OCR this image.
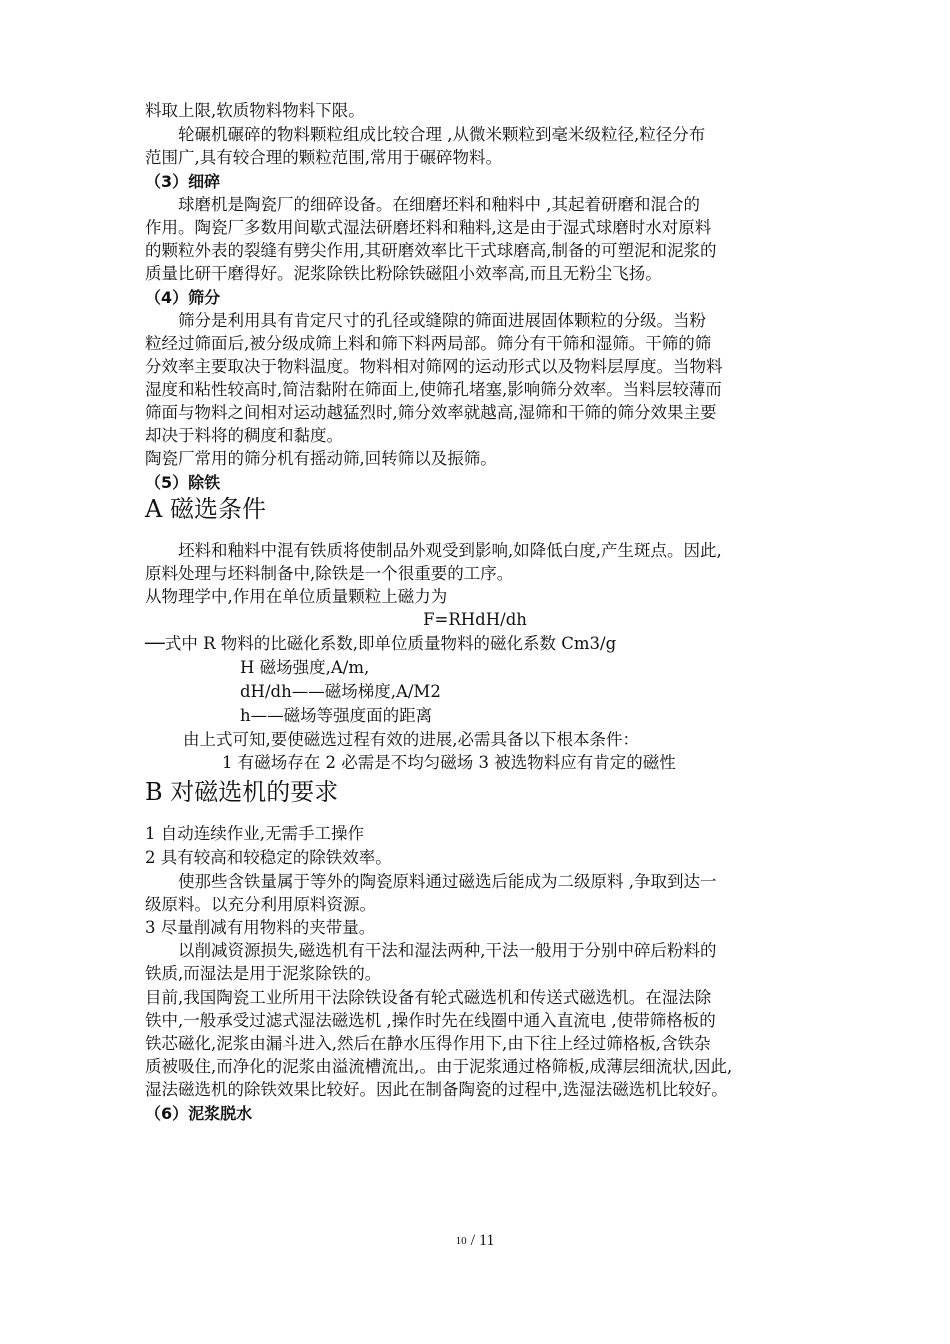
料取上限,软质物料物料下限。
　　轮碾机碾碎的物料颗粒组成比较合理 ,从微米颗粒到毫米级粒径,粒径分布
范围广,具有较合理的颗粒范围,常用于碾碎物料。
（3）细碎
　　球磨机是陶瓷厂的细碎设备。在细磨坯料和釉料中 ,其起着研磨和混合的
作用。陶瓷厂多数用间歇式湿法研磨坯料和釉料,这是由于湿式球磨时水对原料
的颗粒外表的裂缝有劈尖作用,其研磨效率比干式球磨高,制备的可塑泥和泥浆的
质量比研干磨得好。泥浆除铁比粉除铁磁阻小效率高,而且无粉尘飞扬。
（4）筛分
　　筛分是利用具有肯定尺寸的孔径或缝隙的筛面进展固体颗粒的分级。当粉
粒经过筛面后,被分级成筛上料和筛下料两局部。筛分有干筛和湿筛。干筛的筛
分效率主要取决于物料温度。物料相对筛网的运动形式以及物料层厚度。当物料
湿度和粘性较高时,简洁黏附在筛面上,使筛孔堵塞,影响筛分效率。当料层较薄而
筛面与物料之间相对运动越猛烈时,筛分效率就越高,湿筛和干筛的筛分效果主要
却决于料将的稠度和黏度。
陶瓷厂常用的筛分机有摇动筛,回转筛以及振筛。
（5）除铁
A 磁选条件
　　坯料和釉料中混有铁质将使制品外观受到影响,如降低白度,产生斑点。因此,
原料处理与坯料制备中,除铁是一个很重要的工序。
从物理学中,作用在单位质量颗粒上磁力为
F=RHdH/dh
──式中 R 物料的比磁化系数,即单位质量物料的磁化系数 Cm3/g
H 磁场强度,A/m,
dH/dh——磁场梯度,A/M2
h——磁场等强度面的距离
由上式可知,要使磁选过程有效的进展,必需具备以下根本条件：
1 有磁场存在 2 必需是不均匀磁场 3 被选物料应有肯定的磁性
B 对磁选机的要求
1 自动连续作业,无需手工操作
2 具有较高和较稳定的除铁效率。
　　使那些含铁量属于等外的陶瓷原料通过磁选后能成为二级原料 ,争取到达一
级原料。以充分利用原料资源。
3 尽量削减有用物料的夹带量。
　　以削减资源损失,磁选机有干法和湿法两种,干法一般用于分别中碎后粉料的
铁质,而湿法是用于泥浆除铁的。
目前,我国陶瓷工业所用干法除铁设备有轮式磁选机和传送式磁选机。在湿法除
铁中,一般承受过滤式湿法磁选机 ,操作时先在线圈中通入直流电 ,使带筛格板的
铁芯磁化,泥浆由漏斗进入,然后在静水压得作用下,由下往上经过筛格板,含铁杂
质被吸住,而净化的泥浆由溢流槽流出,。由于泥浆通过格筛板,成薄层细流状,因此,
湿法磁选机的除铁效果比较好。因此在制备陶瓷的过程中,选湿法磁选机比较好。
（6）泥浆脱水
10 / 11
